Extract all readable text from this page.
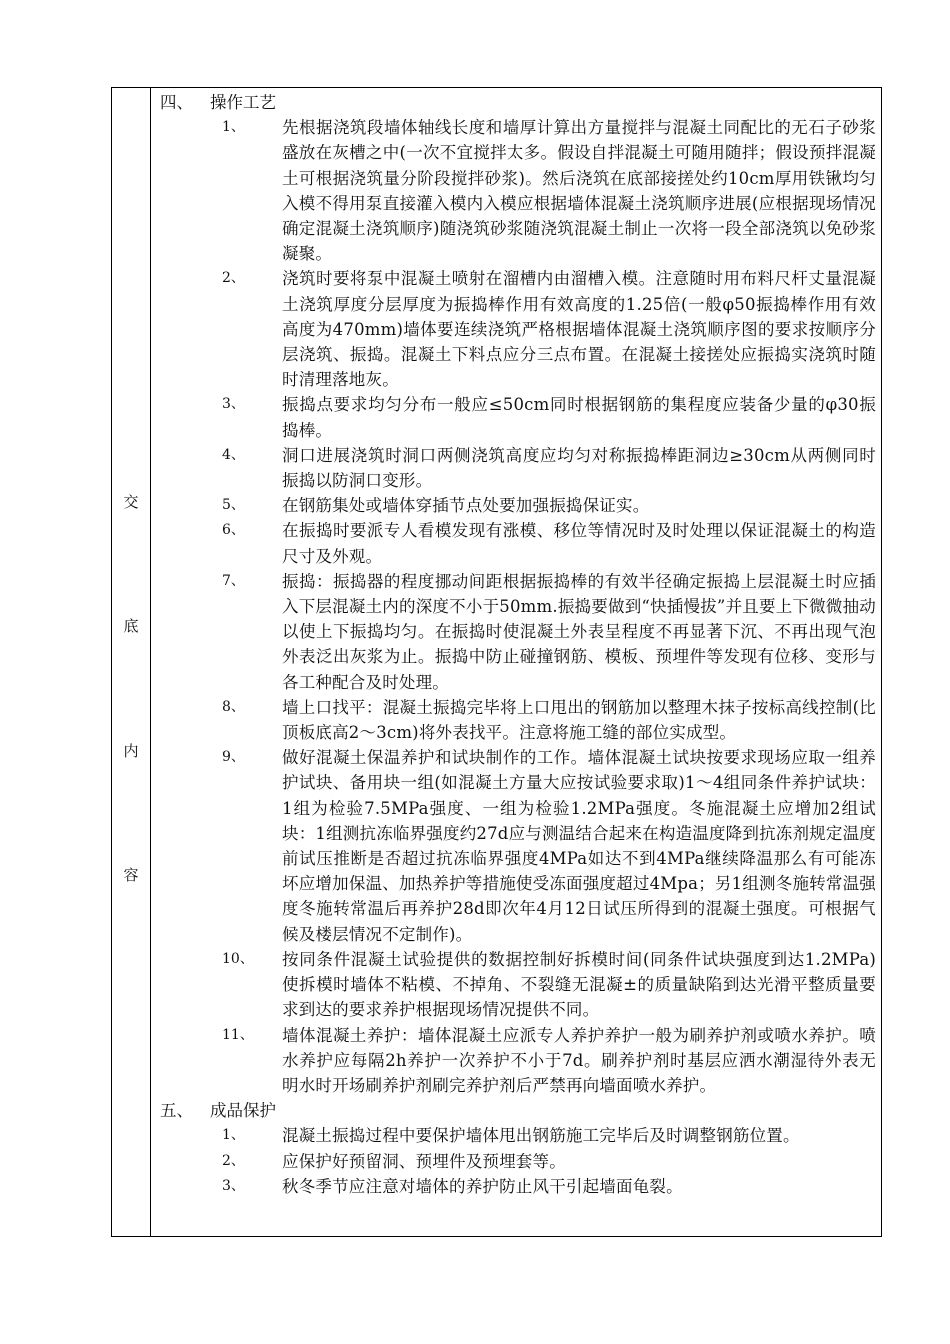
交
底
内
容
四、 操作工艺
1、 先根据浇筑段墙体轴线长度和墙厚计算出方量搅拌与混凝土同配比的无石子砂浆盛放在灰槽之中(一次不宜搅拌太多。假设自拌混凝土可随用随拌；假设预拌混凝土可根据浇筑量分阶段搅拌砂浆)。然后浇筑在底部接搓处约10cm厚用铁锹均匀入模不得用泵直接灌入模内入模应根据墙体混凝土浇筑顺序进展(应根据现场情况确定混凝土浇筑顺序)随浇筑砂浆随浇筑混凝土制止一次将一段全部浇筑以免砂浆凝聚。
2、 浇筑时要将泵中混凝土喷射在溜槽内由溜槽入模。注意随时用布料尺杆丈量混凝土浇筑厚度分层厚度为振捣棒作用有效高度的1.25倍(一般φ50振捣棒作用有效高度为470mm)墙体要连续浇筑严格根据墙体混凝土浇筑顺序图的要求按顺序分层浇筑、振捣。混凝土下料点应分三点布置。在混凝土接搓处应振捣实浇筑时随时清理落地灰。
3、 振捣点要求均匀分布一般应≤50cm同时根据钢筋的集程度应装备少量的φ30振捣棒。
4、 洞口进展浇筑时洞口两侧浇筑高度应均匀对称振捣棒距洞边≥30cm从两侧同时振捣以防洞口变形。
5、 在钢筋集处或墙体穿插节点处要加强振捣保证实。
6、 在振捣时要派专人看模发现有涨模、移位等情况时及时处理以保证混凝土的构造尺寸及外观。
7、 振捣：振捣器的程度挪动间距根据振捣棒的有效半径确定振捣上层混凝土时应插入下层混凝土内的深度不小于50mm.振捣要做到“快插慢拔”并且要上下微微抽动以使上下振捣均匀。在振捣时使混凝土外表呈程度不再显著下沉、不再出现气泡外表泛出灰浆为止。振捣中防止碰撞钢筋、模板、预埋件等发现有位移、变形与各工种配合及时处理。
8、 墙上口找平：混凝土振捣完毕将上口甩出的钢筋加以整理木抹子按标高线控制(比顶板底高2～3cm)将外表找平。注意将施工缝的部位实成型。
9、 做好混凝土保温养护和试块制作的工作。墙体混凝土试块按要求现场应取一组养护试块、备用块一组(如混凝土方量大应按试验要求取)1～4组同条件养护试块：1组为检验7.5MPa强度、一组为检验1.2MPa强度。冬施混凝土应增加2组试块：1组测抗冻临界强度约27d应与测温结合起来在构造温度降到抗冻剂规定温度前试压推断是否超过抗冻临界强度4MPa如达不到4MPa继续降温那么有可能冻坏应增加保温、加热养护等措施使受冻面强度超过4Mpa；另1组测冬施转常温强度冬施转常温后再养护28d即次年4月12日试压所得到的混凝土强度。可根据气候及楼层情况不定制作)。
10、 按同条件混凝土试验提供的数据控制好拆模时间(同条件试块强度到达1.2MPa)使拆模时墙体不粘模、不掉角、不裂缝无混凝±的质量缺陷到达光滑平整质量要求到达的要求养护根据现场情况提供不同。
11、 墙体混凝土养护：墙体混凝土应派专人养护养护一般为刷养护剂或喷水养护。喷水养护应每隔2h养护一次养护不小于7d。刷养护剂时基层应洒水潮湿待外表无明水时开场刷养护剂刷完养护剂后严禁再向墙面喷水养护。
五、 成品保护
1、 混凝土振捣过程中要保护墙体甩出钢筋施工完毕后及时调整钢筋位置。
2、 应保护好预留洞、预埋件及预埋套等。
3、 秋冬季节应注意对墙体的养护防止风干引起墙面龟裂。
